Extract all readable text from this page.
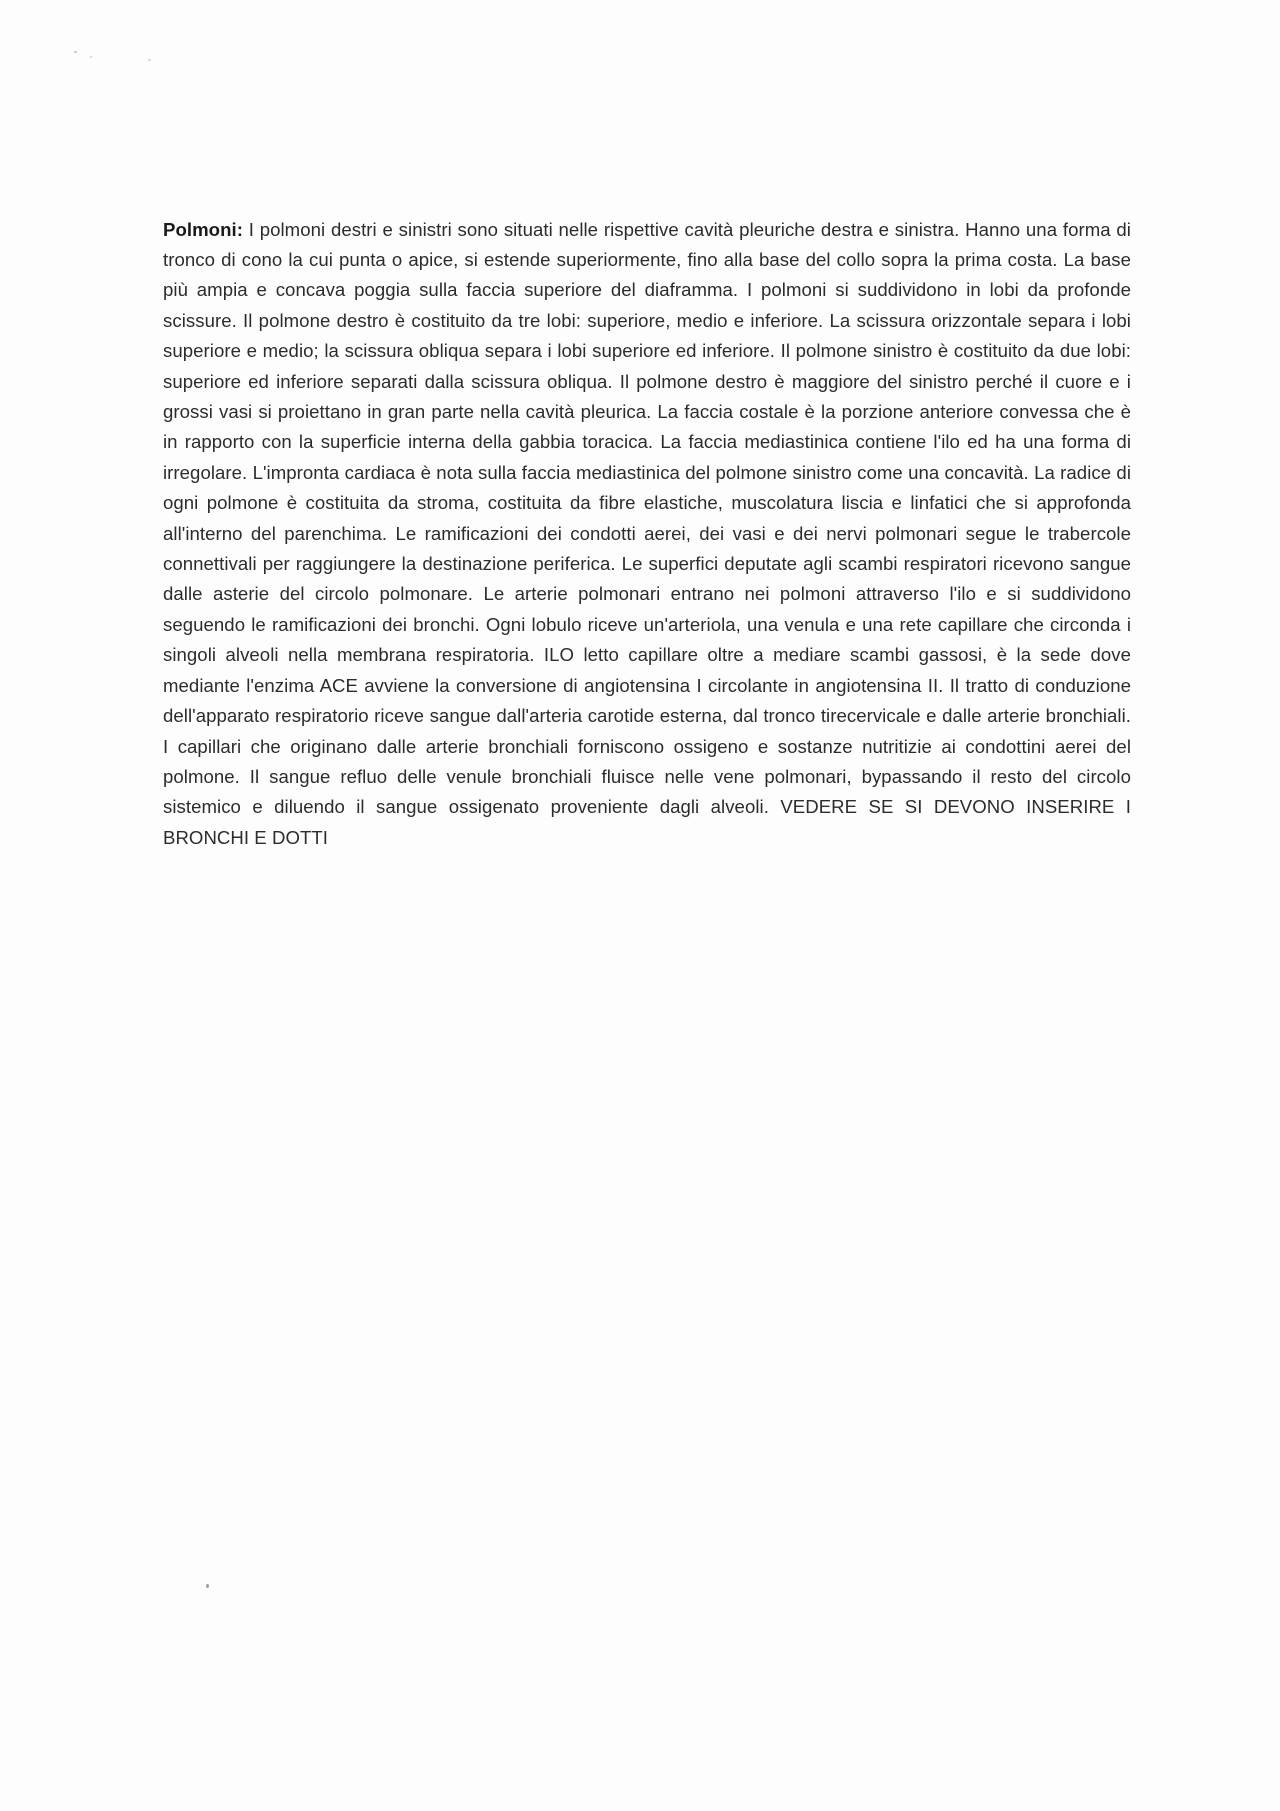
Polmoni: I polmoni destri e sinistri sono situati nelle rispettive cavità pleuriche destra e sinistra. Hanno una forma di tronco di cono la cui punta o apice, si estende superiormente, fino alla base del collo sopra la prima costa. La base più ampia e concava poggia sulla faccia superiore del diaframma. I polmoni si suddividono in lobi da profonde scissure. Il polmone destro è costituito da tre lobi: superiore, medio e inferiore. La scissura orizzontale separa i lobi superiore e medio; la scissura obliqua separa i lobi superiore ed inferiore. Il polmone sinistro è costituito da due lobi: superiore ed inferiore separati dalla scissura obliqua. Il polmone destro è maggiore del sinistro perché il cuore e i grossi vasi si proiettano in gran parte nella cavità pleurica. La faccia costale è la porzione anteriore convessa che è in rapporto con la superficie interna della gabbia toracica. La faccia mediastinica contiene l'ilo ed ha una forma di irregolare. L'impronta cardiaca è nota sulla faccia mediastinica del polmone sinistro come una concavità. La radice di ogni polmone è costituita da stroma, costituita da fibre elastiche, muscolatura liscia e linfatici che si approfonda all'interno del parenchima. Le ramificazioni dei condotti aerei, dei vasi e dei nervi polmonari segue le trabercole connettivali per raggiungere la destinazione periferica. Le superfici deputate agli scambi respiratori ricevono sangue dalle asterie del circolo polmonare. Le arterie polmonari entrano nei polmoni attraverso l'ilo e si suddividono seguendo le ramificazioni dei bronchi. Ogni lobulo riceve un'arteriola, una venula e una rete capillare che circonda i singoli alveoli nella membrana respiratoria. ILO letto capillare oltre a mediare scambi gassosi, è la sede dove mediante l'enzima ACE avviene la conversione di angiotensina I circolante in angiotensina II. Il tratto di conduzione dell'apparato respiratorio riceve sangue dall'arteria carotide esterna, dal tronco tirecervicale e dalle arterie bronchiali. I capillari che originano dalle arterie bronchiali forniscono ossigeno e sostanze nutritizie ai condottini aerei del polmone. Il sangue refluo delle venule bronchiali fluisce nelle vene polmonari, bypassando il resto del circolo sistemico e diluendo il sangue ossigenato proveniente dagli alveoli. VEDERE SE SI DEVONO INSERIRE I BRONCHI E DOTTI
